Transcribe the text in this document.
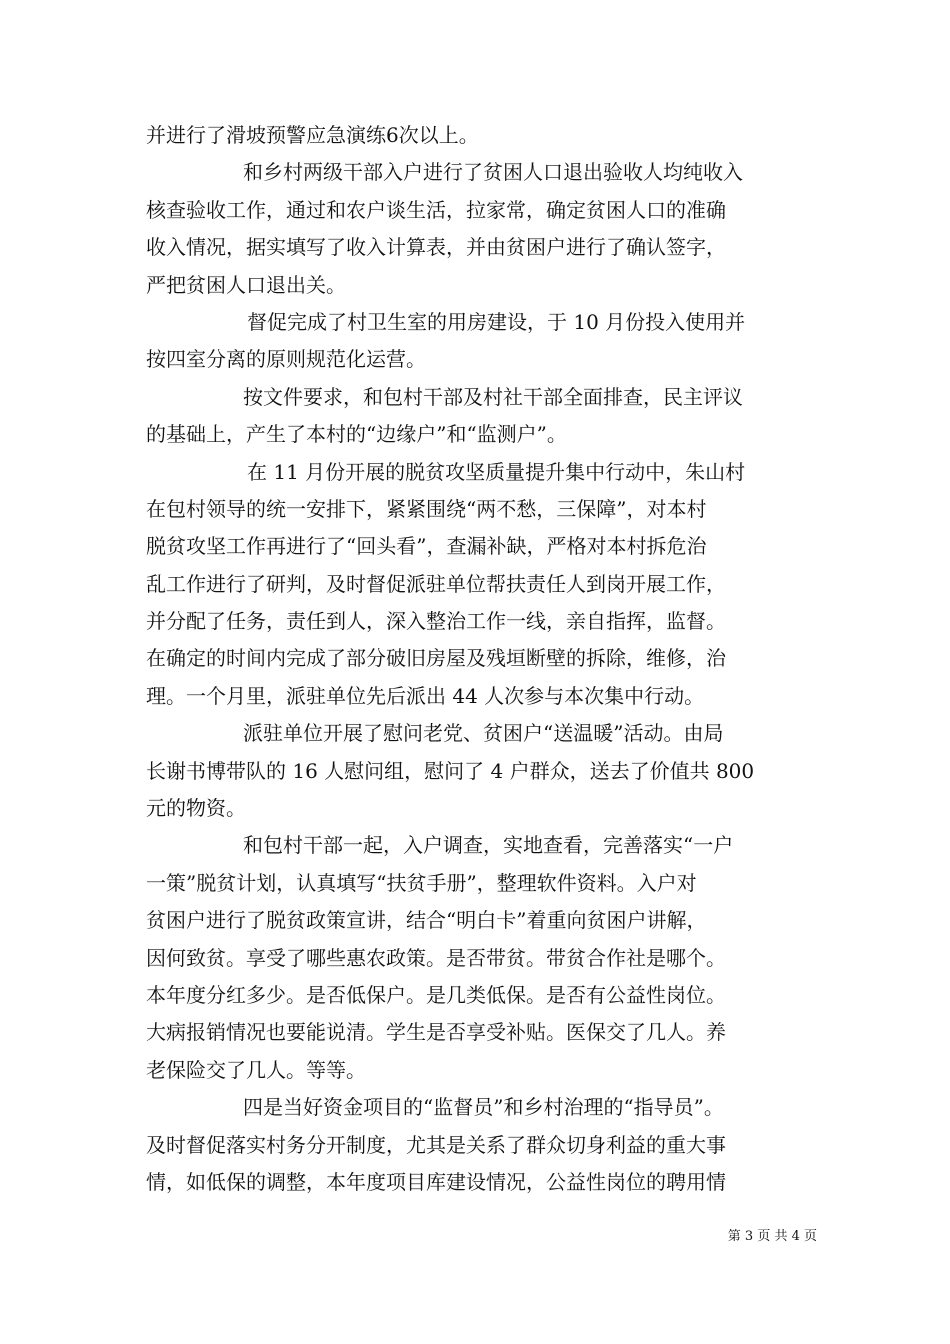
并进行了滑坡预警应急演练6次以上。
和乡村两级干部入户进行了贫困人口退出验收人均纯收入
核查验收工作，通过和农户谈生活，拉家常，确定贫困人口的准确
收入情况，据实填写了收入计算表，并由贫困户进行了确认签字，
严把贫困人口退出关。
督促完成了村卫生室的用房建设，于 10 月份投入使用并
按四室分离的原则规范化运营。
按文件要求，和包村干部及村社干部全面排查，民主评议
的基础上，产生了本村的“边缘户”和“监测户”。
在 11 月份开展的脱贫攻坚质量提升集中行动中，朱山村
在包村领导的统一安排下，紧紧围绕“两不愁，三保障”，对本村
脱贫攻坚工作再进行了“回头看”，查漏补缺，严格对本村拆危治
乱工作进行了研判，及时督促派驻单位帮扶责任人到岗开展工作，
并分配了任务，责任到人，深入整治工作一线，亲自指挥，监督。
在确定的时间内完成了部分破旧房屋及残垣断壁的拆除，维修，治
理。一个月里，派驻单位先后派出 44 人次参与本次集中行动。
派驻单位开展了慰问老党、贫困户“送温暖”活动。由局
长谢书博带队的 16 人慰问组，慰问了 4 户群众，送去了价值共 800
元的物资。
和包村干部一起，入户调查，实地查看，完善落实“一户
一策”脱贫计划，认真填写“扶贫手册”，整理软件资料。入户对
贫困户进行了脱贫政策宣讲，结合“明白卡”着重向贫困户讲解，
因何致贫。享受了哪些惠农政策。是否带贫。带贫合作社是哪个。
本年度分红多少。是否低保户。是几类低保。是否有公益性岗位。
大病报销情况也要能说清。学生是否享受补贴。医保交了几人。养
老保险交了几人。等等。
四是当好资金项目的“监督员”和乡村治理的“指导员”。
及时督促落实村务分开制度，尤其是关系了群众切身利益的重大事
情，如低保的调整，本年度项目库建设情况，公益性岗位的聘用情
第 3 页 共 4 页
